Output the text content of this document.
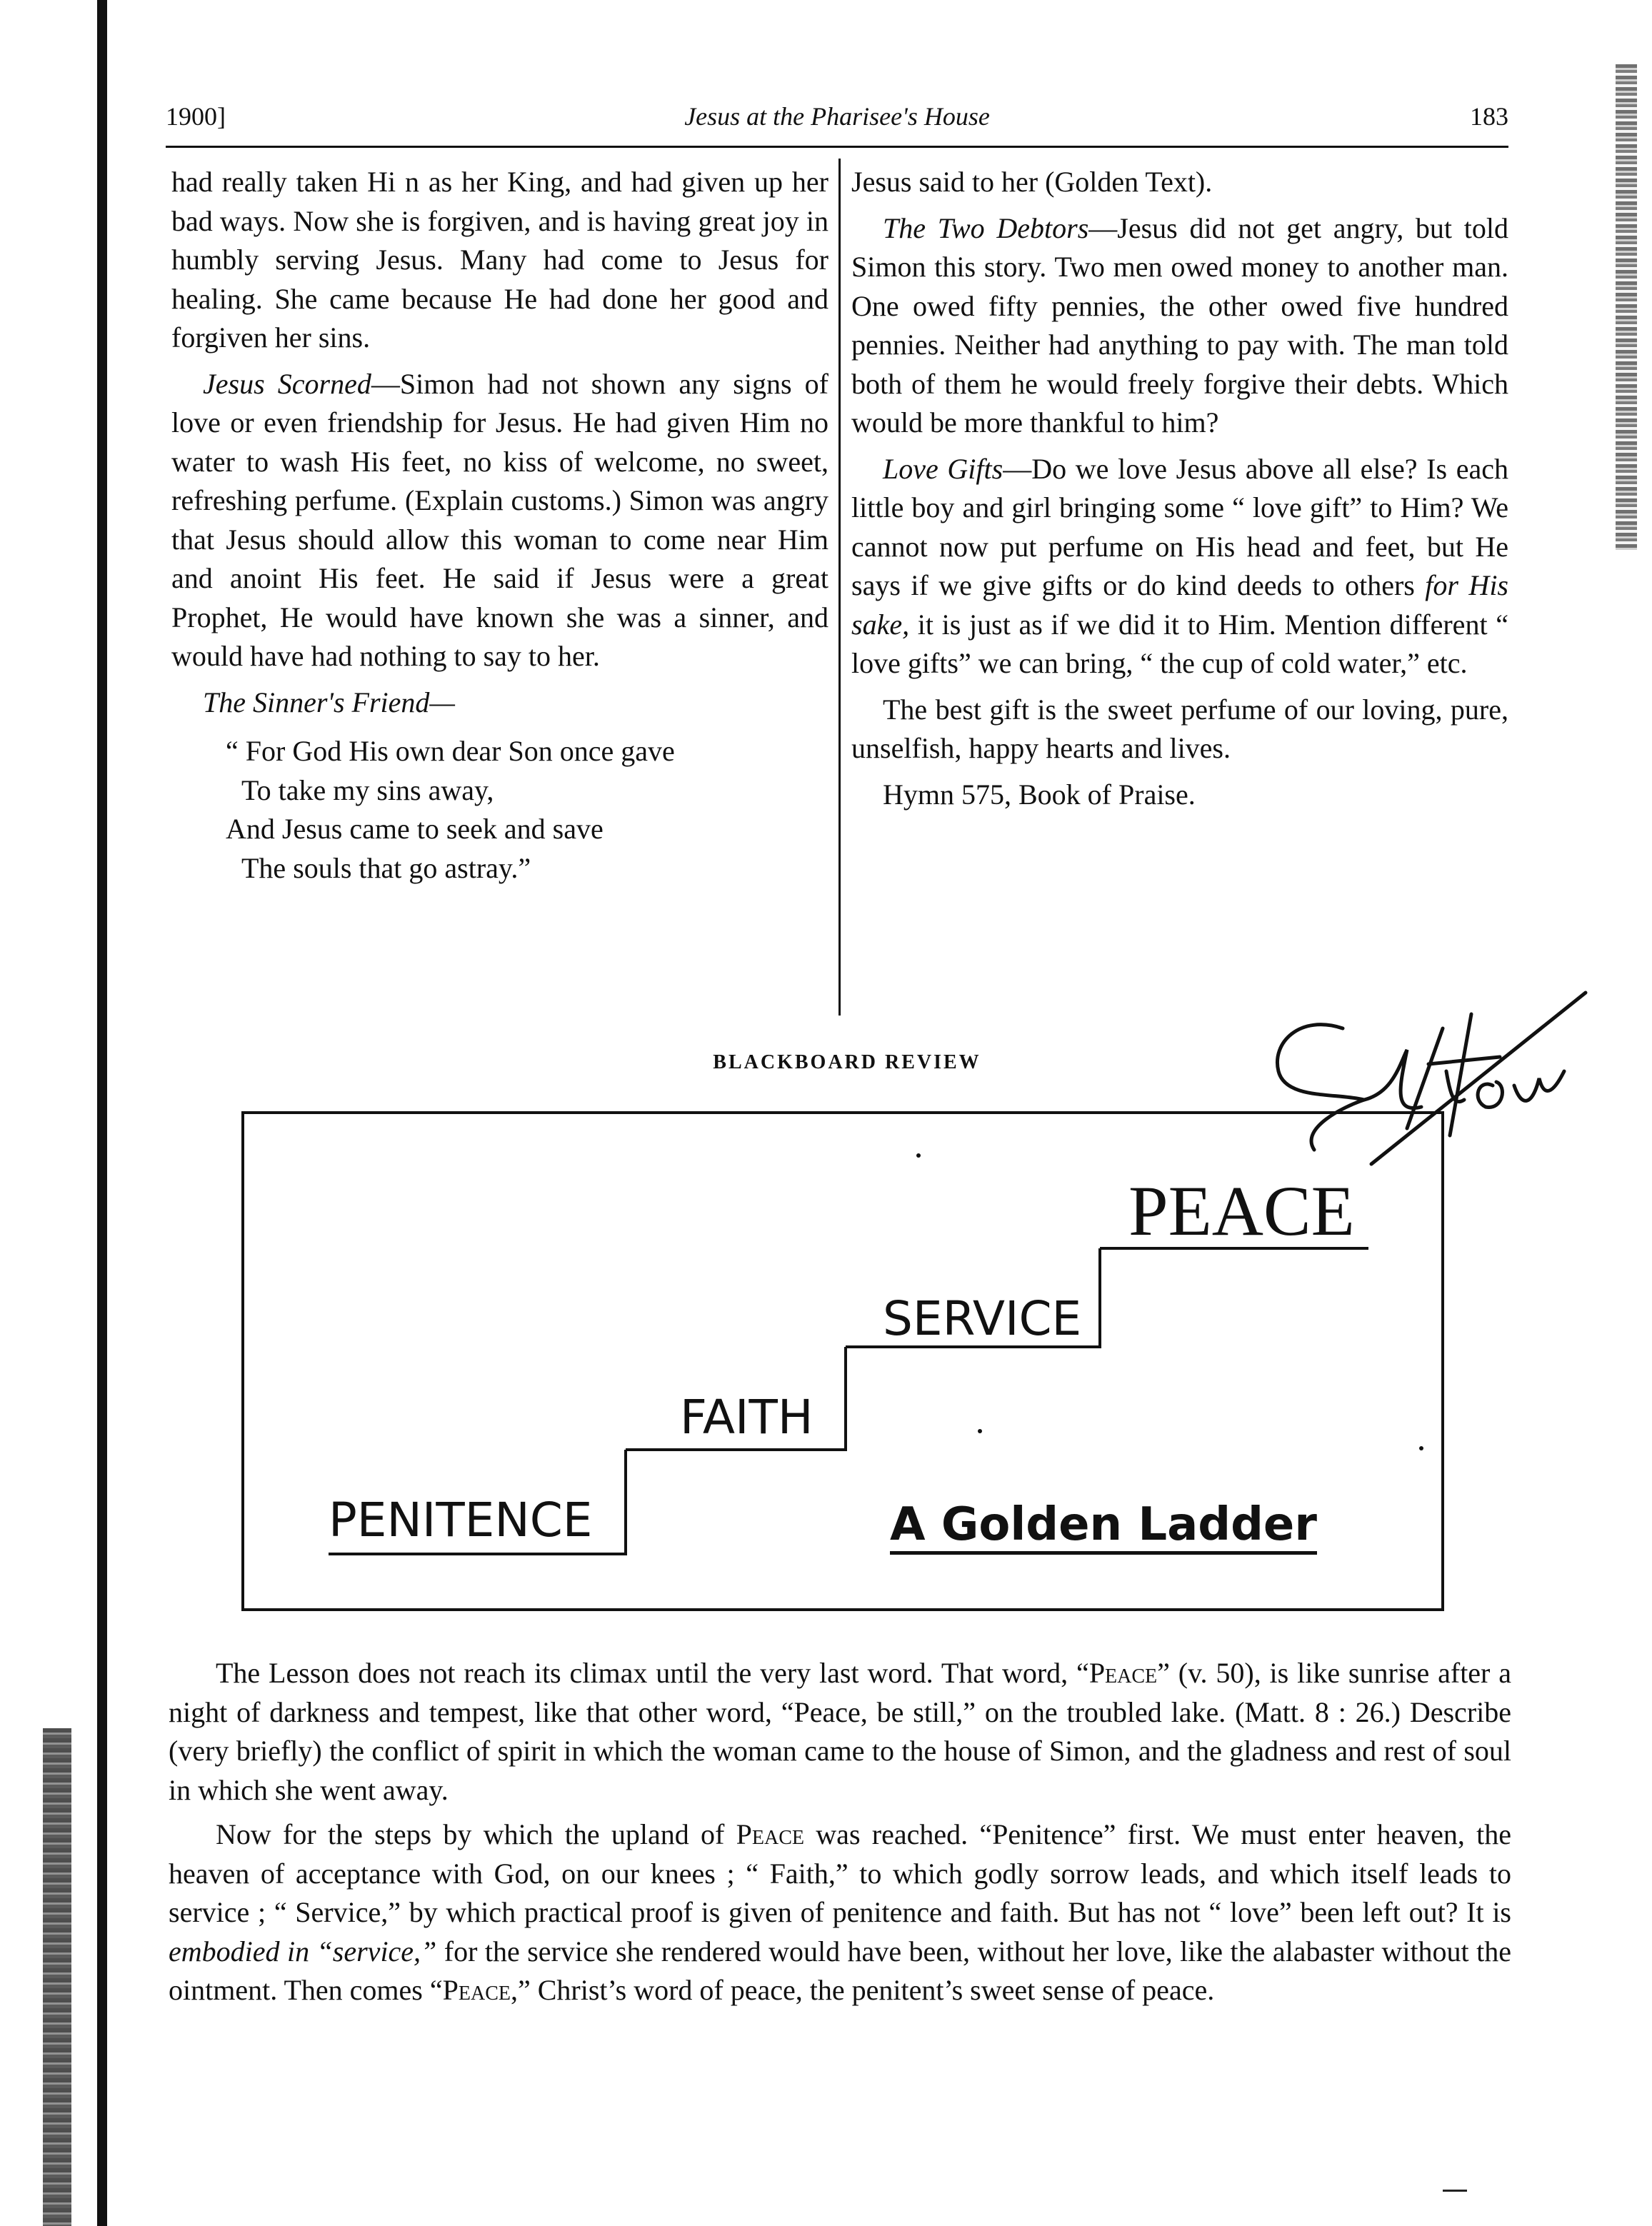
1900]	Jesus at the Pharisee's House	183

had really taken Hi n as her King, and had given up her bad ways. Now she is forgiven, and is having great joy in humbly serving Jesus. Many had come to Jesus for healing. She came because He had done her good and forgiven her sins.

Jesus Scorned—Simon had not shown any signs of love or even friendship for Jesus. He had given Him no water to wash His feet, no kiss of welcome, no sweet, refreshing perfume. (Explain customs.) Simon was angry that Jesus should allow this woman to come near Him and anoint His feet. He said if Jesus were a great Prophet, He would have known she was a sinner, and would have had nothing to say to her.

The Sinner's Friend—

“ For God His own dear Son once gave
To take my sins away,
And Jesus came to seek and save
The souls that go astray.”

Jesus said to her (Golden Text).

The Two Debtors—Jesus did not get angry, but told Simon this story. Two men owed money to another man. One owed fifty pennies, the other owed five hundred pennies. Neither had anything to pay with. The man told both of them he would freely forgive their debts. Which would be more thankful to him?

Love Gifts—Do we love Jesus above all else? Is each little boy and girl bringing some “ love gift” to Him? We cannot now put perfume on His head and feet, but He says if we give gifts or do kind deeds to others for His sake, it is just as if we did it to Him. Mention different “ love gifts” we can bring, “ the cup of cold water,” etc.

The best gift is the sweet perfume of our loving, pure, unselfish, happy hearts and lives.

Hymn 575, Book of Praise.

BLACKBOARD REVIEW
PENITENCE
FAITH
SERVICE
PEACE
A Golden Ladder

The Lesson does not reach its climax until the very last word. That word, “Peace” (v. 50), is like sunrise after a night of darkness and tempest, like that other word, “Peace, be still,” on the troubled lake. (Matt. 8 : 26.) Describe (very briefly) the conflict of spirit in which the woman came to the house of Simon, and the gladness and rest of soul in which she went away.

Now for the steps by which the upland of Peace was reached. “Penitence” first. We must enter heaven, the heaven of acceptance with God, on our knees ; “ Faith,” to which godly sorrow leads, and which itself leads to service ; “ Service,” by which practical proof is given of penitence and faith. But has not “ love” been left out? It is embodied in “service,” for the service she rendered would have been, without her love, like the alabaster without the ointment. Then comes “Peace,” Christ’s word of peace, the penitent’s sweet sense of peace.
